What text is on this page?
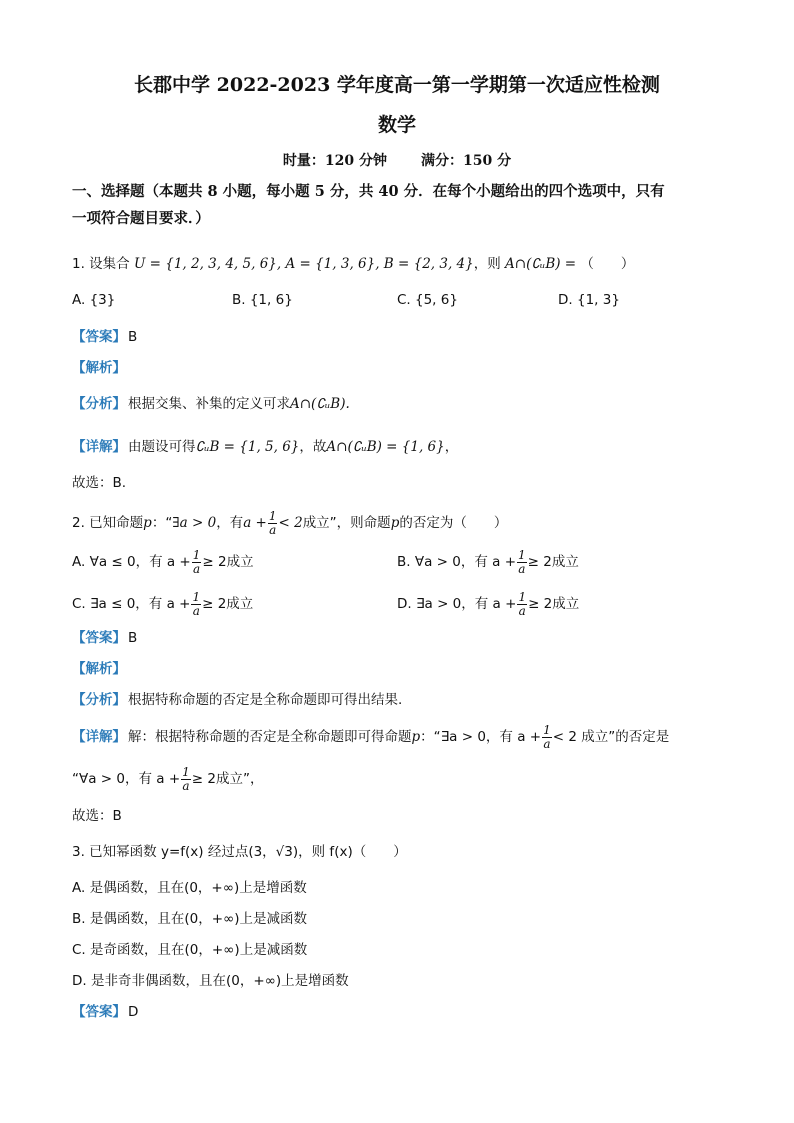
长郡中学 2022-2023 学年度高一第一学期第一次适应性检测
数学
时量：120 分钟 满分：150 分
一、选择题（本题共 8 小题，每小题 5 分，共 40 分．在每个小题给出的四个选项中，只有
一项符合题目要求．）
1. 设集合 U = {1, 2, 3, 4, 5, 6}, A = {1, 3, 6}, B = {2, 3, 4}，则 A∩(∁ᵤB) = （　　）
A. {3}	B. {1, 6}	C. {5, 6}	D. {1, 3}
【答案】 B
【解析】
【分析】 根据交集、补集的定义可求A∩(∁ᵤB).
【详解】 由题设可得∁ᵤB = {1, 5, 6}，故A∩(∁ᵤB) = {1, 6}，
故选：B.
2. 已知命题p：“∃a > 0，有$a + \frac{1}{a} < 2$成立”，则命题p的否定为（　　）
A. ∀a ≤ 0，有 $a + \frac{1}{a} \ge 2$成立	B. ∀a > 0，有 $a + \frac{1}{a} \ge 2$成立
C. ∃a ≤ 0，有 $a + \frac{1}{a} \ge 2$成立	D. ∃a > 0，有 $a + \frac{1}{a} \ge 2$成立
【答案】 B
【解析】
【分析】 根据特称命题的否定是全称命题即可得出结果.
【详解】 解：根据特称命题的否定是全称命题即可得命题p：“∃a > 0，有 $a + \frac{1}{a} < 2$ 成立”的否定是
“∀a > 0，有 $a + \frac{1}{a} \ge 2$成立”，
故选：B
3. 已知幂函数 y=f(x) 经过点(3，√3)，则 f(x)（　　）
A. 是偶函数，且在(0，+∞)上是增函数
B. 是偶函数，且在(0，+∞)上是减函数
C. 是奇函数，且在(0，+∞)上是减函数
D. 是非奇非偶函数，且在(0，+∞)上是增函数
【答案】 D
